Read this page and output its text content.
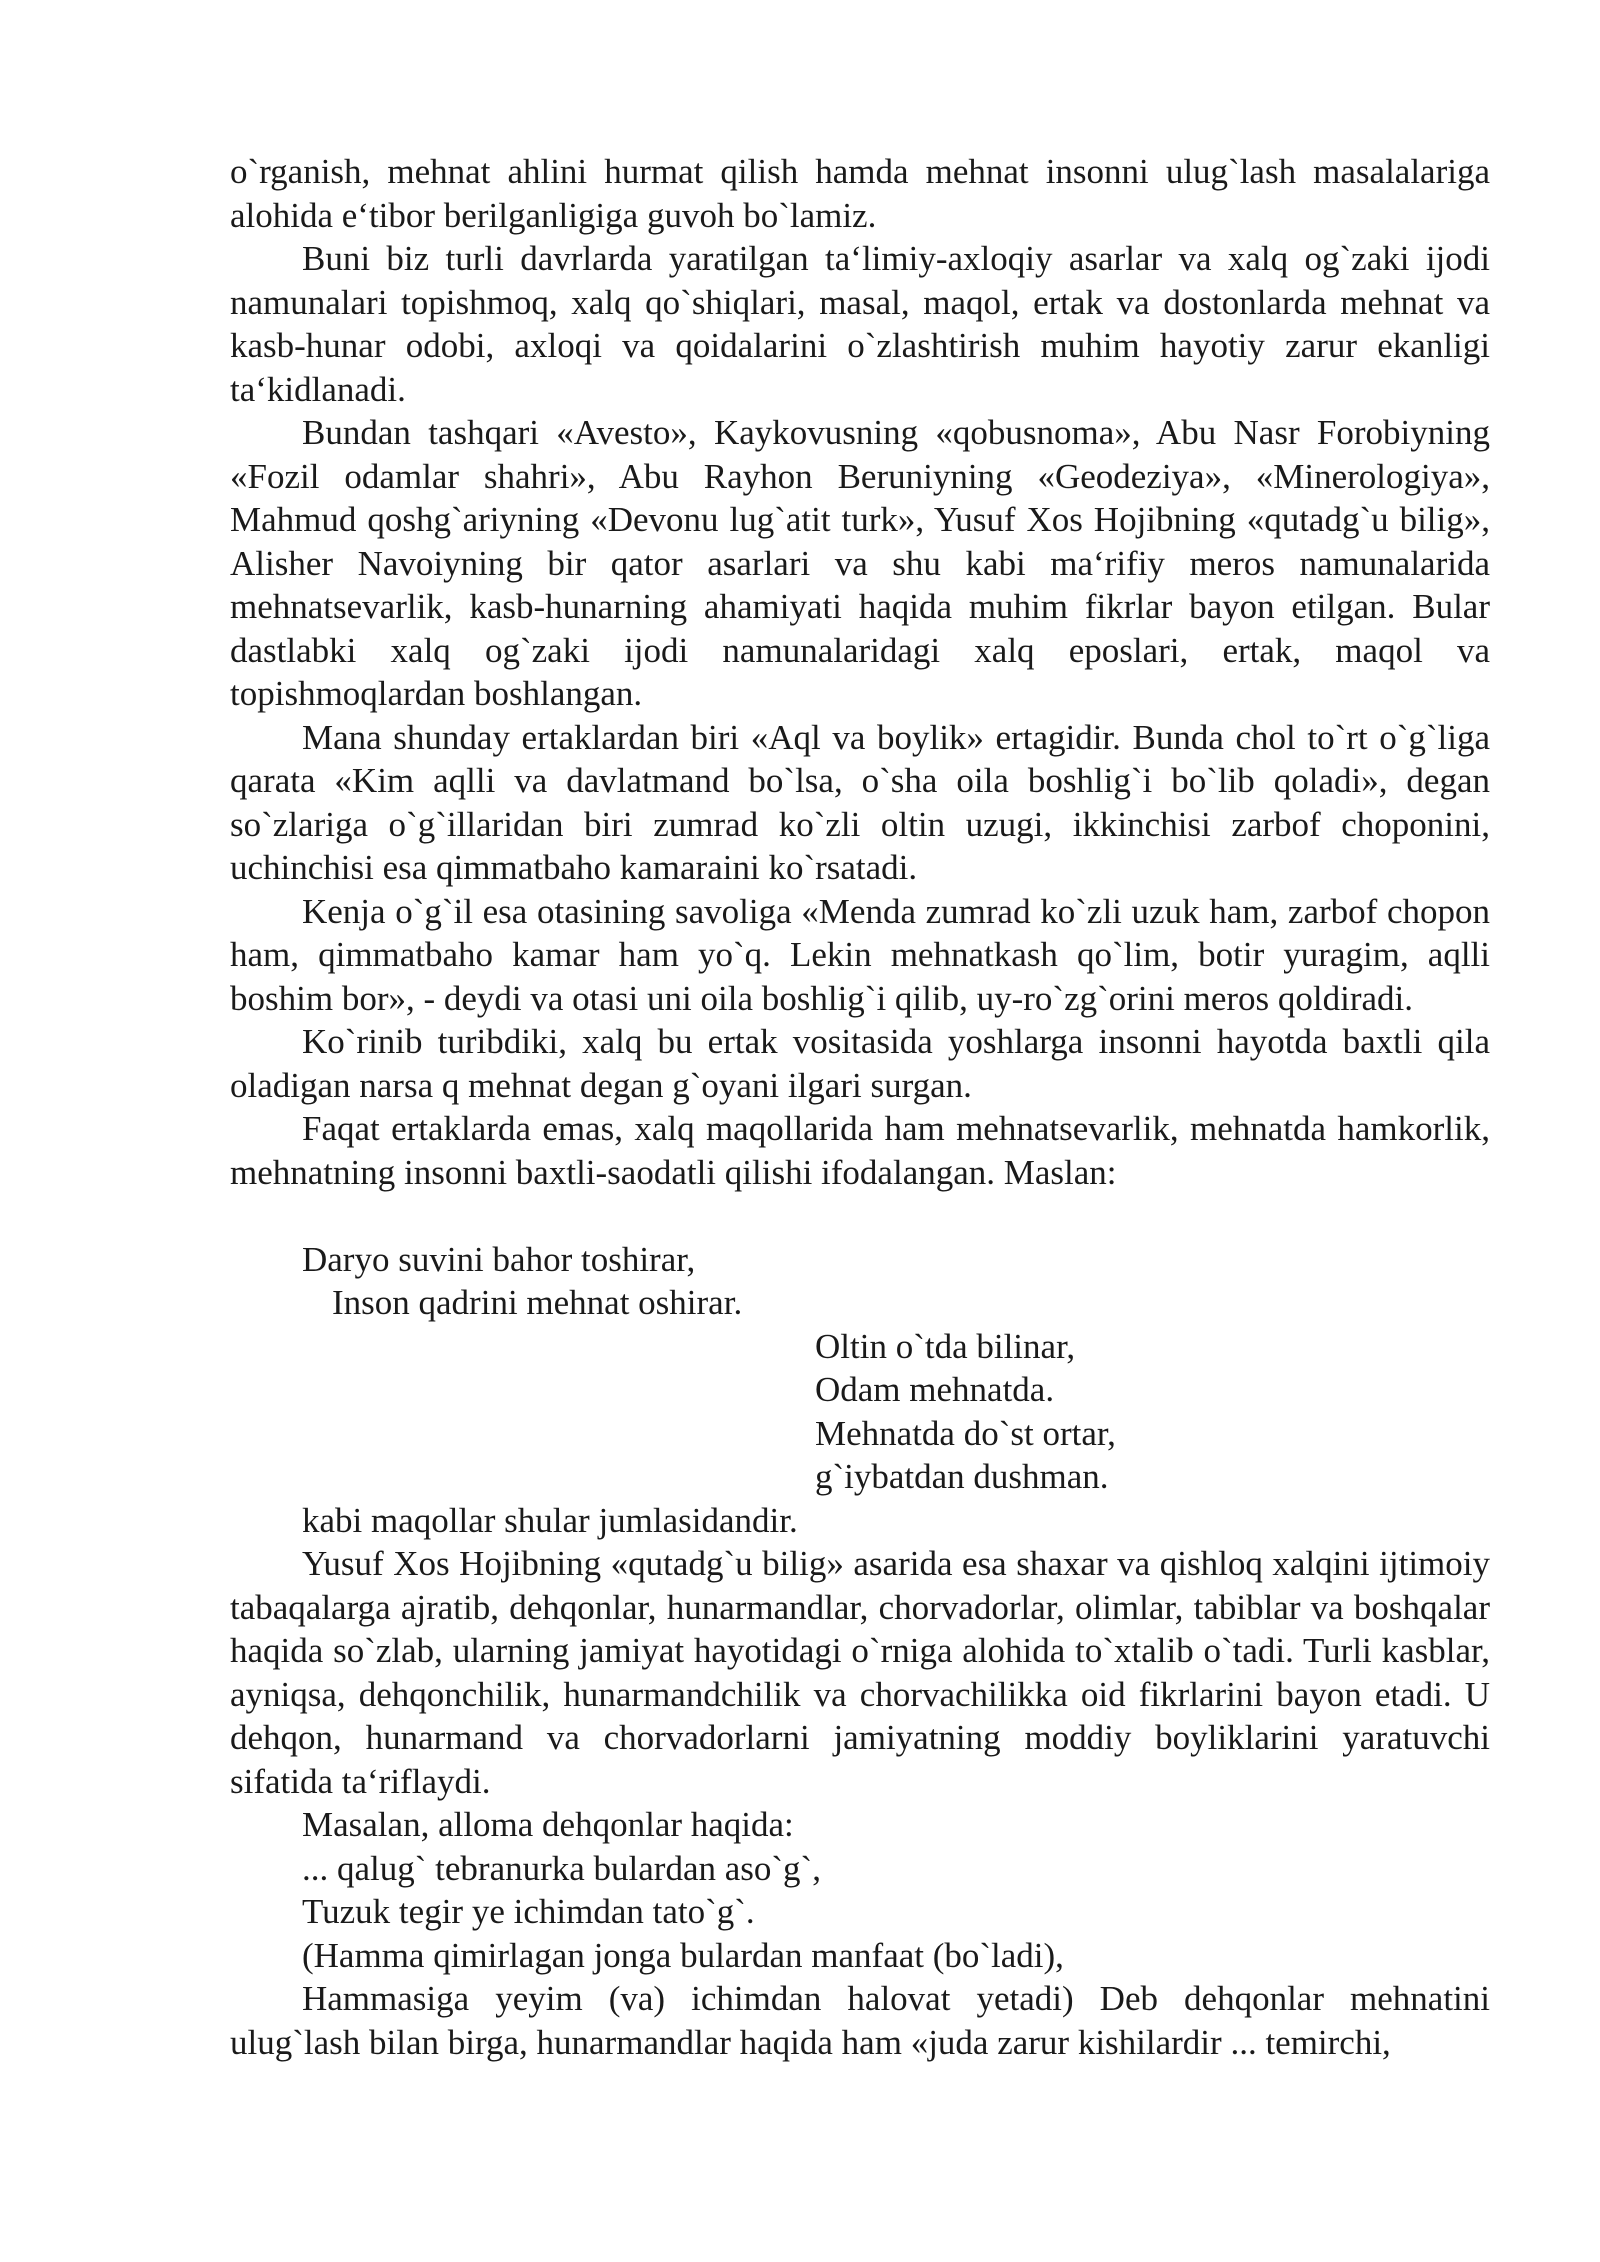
o`rganish, mehnat ahlini hurmat qilish hamda mehnat insonni ulug`lash masalalariga alohida e‘tibor berilganligiga guvoh bo`lamiz.

Buni biz turli davrlarda yaratilgan ta‘limiy-axloqiy asarlar va xalq og`zaki ijodi namunalari topishmoq, xalq qo`shiqlari, masal, maqol, ertak va dostonlarda mehnat va kasb-hunar odobi, axloqi va qoidalarini o`zlashtirish muhim hayotiy zarur ekanligi ta‘kidlanadi.

Bundan tashqari «Avesto», Kaykovusning «qobusnoma», Abu Nasr Forobiyning «Fozil odamlar shahri», Abu Rayhon Beruniyning «Geodeziya», «Minerologiya», Mahmud qoshg`ariyning «Devonu lug`atit turk», Yusuf Xos Hojibning «qutadg`u bilig», Alisher Navoiyning bir qator asarlari va shu kabi ma‘rifiy meros namunalarida mehnatsevarlik, kasb-hunarning ahamiyati haqida muhim fikrlar bayon etilgan. Bular dastlabki xalq og`zaki ijodi namunalaridagi xalq eposlari, ertak, maqol va topishmoqlardan boshlangan.

Mana shunday ertaklardan biri «Aql va boylik» ertagidir. Bunda chol to`rt o`g`liga qarata «Kim aqlli va davlatmand bo`lsa, o`sha oila boshlig`i bo`lib qoladi», degan so`zlariga o`g`illaridan biri zumrad ko`zli oltin uzugi, ikkinchisi zarbof choponini, uchinchisi esa qimmatbaho kamaraini ko`rsatadi.

Kenja o`g`il esa otasining savoliga «Menda zumrad ko`zli uzuk ham, zarbof chopon ham, qimmatbaho kamar ham yo`q. Lekin mehnatkash qo`lim, botir yuragim, aqlli boshim bor», - deydi va otasi uni oila boshlig`i qilib, uy-ro`zg`orini meros qoldiradi.

Ko`rinib turibdiki, xalq bu ertak vositasida yoshlarga insonni hayotda baxtli qila oladigan narsa q mehnat degan g`oyani ilgari surgan.

Faqat ertaklarda emas, xalq maqollarida ham mehnatsevarlik, mehnatda hamkorlik, mehnatning insonni baxtli-saodatli qilishi ifodalangan. Maslan:

Daryo suvini bahor toshirar,

Inson qadrini mehnat oshirar.

Oltin o`tda bilinar,

Odam mehnatda.

Mehnatda do`st ortar,

g`iybatdan dushman.

kabi maqollar shular jumlasidandir.

Yusuf Xos Hojibning «qutadg`u bilig» asarida esa shaxar va qishloq xalqini ijtimoiy tabaqalarga ajratib, dehqonlar, hunarmandlar, chorvadorlar, olimlar, tabiblar va boshqalar haqida so`zlab, ularning jamiyat hayotidagi o`rniga alohida to`xtalib o`tadi. Turli kasblar, ayniqsa, dehqonchilik, hunarmandchilik va chorvachilikka oid fikrlarini bayon etadi. U dehqon, hunarmand va chorvadorlarni jamiyatning moddiy boyliklarini yaratuvchi sifatida ta‘riflaydi.

Masalan, alloma dehqonlar haqida:

... qalug` tebranurka bulardan aso`g`,

Tuzuk tegir ye ichimdan tato`g`.

(Hamma qimirlagan jonga bulardan manfaat (bo`ladi),

Hammasiga yeyim (va) ichimdan halovat yetadi) Deb dehqonlar mehnatini ulug`lash bilan birga, hunarmandlar haqida ham «juda zarur kishilardir ... temirchi,
